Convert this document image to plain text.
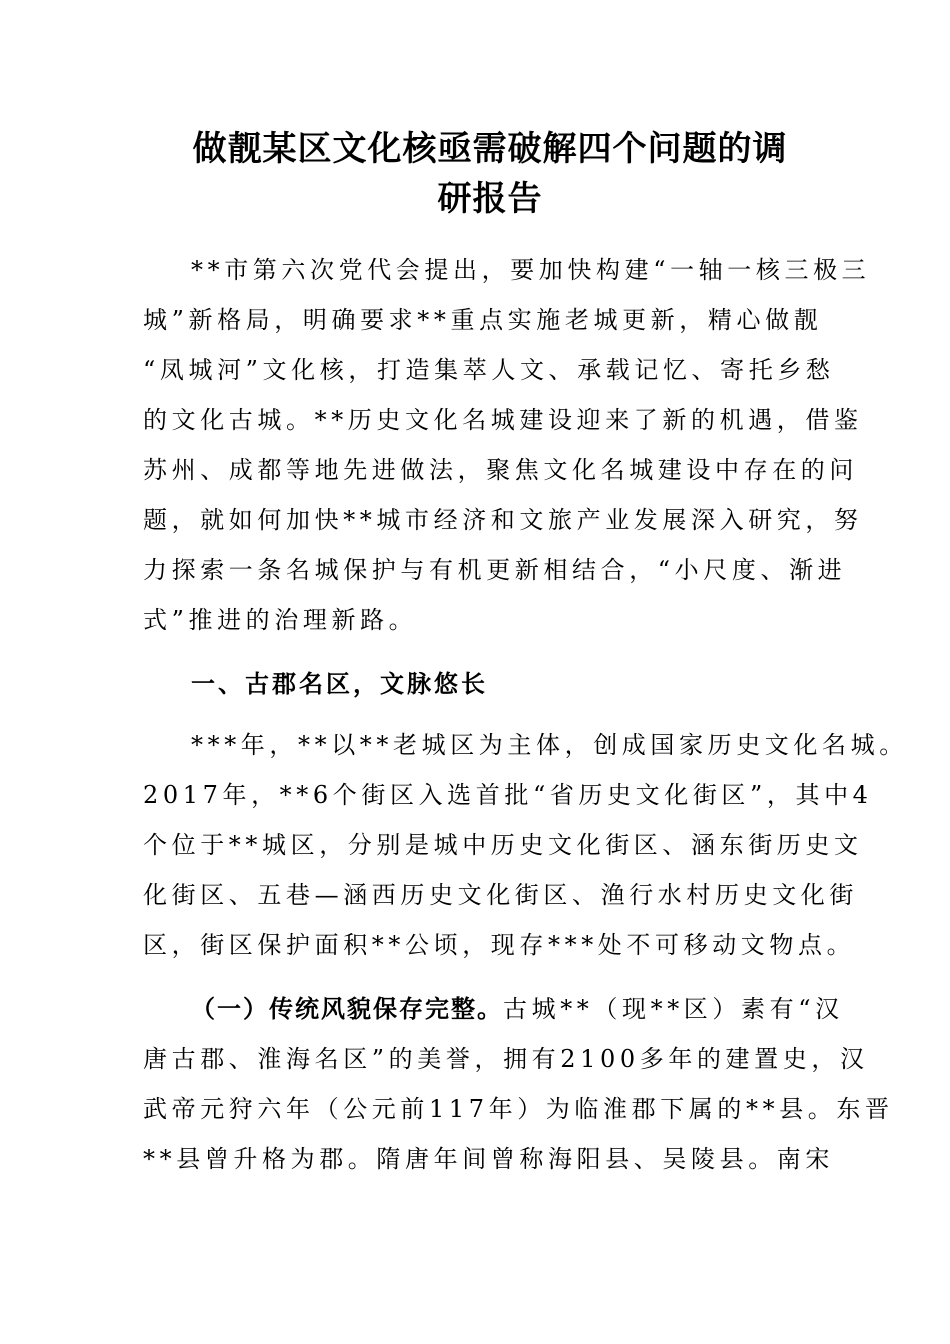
做靓某区文化核亟需破解四个问题的调
研报告
**市第六次党代会提出，要加快构建“一轴一核三极三
城”新格局，明确要求**重点实施老城更新，精心做靓
“凤城河”文化核，打造集萃人文、承载记忆、寄托乡愁
的文化古城。**历史文化名城建设迎来了新的机遇，借鉴
苏州、成都等地先进做法，聚焦文化名城建设中存在的问
题，就如何加快**城市经济和文旅产业发展深入研究，努
力探索一条名城保护与有机更新相结合，“小尺度、渐进
式”推进的治理新路。
一、古郡名区，文脉悠长
***年，**以**老城区为主体，创成国家历史文化名城。
2017年，**6个街区入选首批“省历史文化街区”，其中4
个位于**城区，分别是城中历史文化街区、涵东街历史文
化街区、五巷—涵西历史文化街区、渔行水村历史文化街
区，街区保护面积**公顷，现存***处不可移动文物点。
（一）传统风貌保存完整。古城**（现**区）素有“汉
唐古郡、淮海名区”的美誉，拥有2100多年的建置史，汉
武帝元狩六年（公元前117年）为临淮郡下属的**县。东晋
**县曾升格为郡。隋唐年间曾称海阳县、吴陵县。南宋
